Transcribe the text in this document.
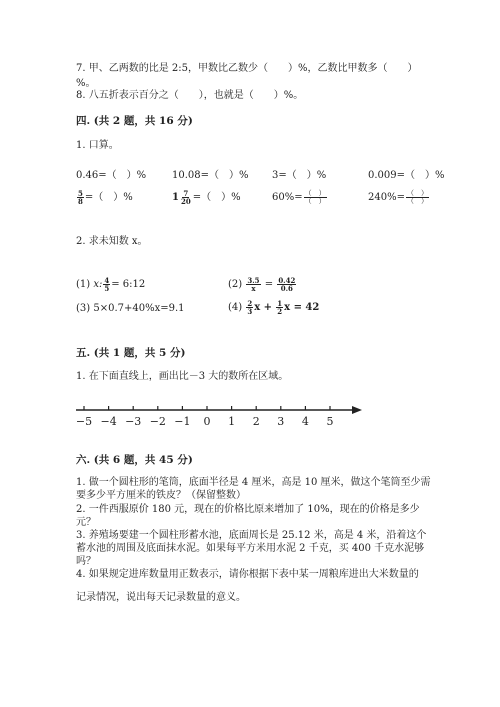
7. 甲、乙两数的比是 2:5，甲数比乙数少（　　）%，乙数比甲数多（　　）
%。
8. 八五折表示百分之（　　），也就是（　　）%。
四. (共 2 题，共 16 分)
1. 口算。
0.46=（　）%	10.08=（　）% 3=（　）%	0.009=（　）%
$\frac{5}{8}$ =（　）%	$1 \frac{7}{20}$ =（　）%	$60\%= \frac{( )}{( )}$	$240\%= \frac{( )}{( )}$
2. 求未知数 x。
(1) x: $\frac{4}{5}$ = 6:12	$(2) \frac{3.5}{x} = \frac{0.42}{0.6}$
(3) 5×0.7+40%x=9.1	$(4) \frac{2}{3}$ $x + \frac{1}{2}$ x = 42
五. (共 1 题，共 5 分)
1. 在下面直线上，画出比－3 大的数所在区域。
−5 −4 −3 −2 −1 0 1 2 3 4 5
六. (共 6 题，共 45 分)
1. 做一个圆柱形的笔筒，底面半径是 4 厘米，高是 10 厘米，做这个笔筒至少需
要多少平方厘米的铁皮？（保留整数）
2. 一件西服原价 180 元，现在的价格比原来增加了 10%，现在的价格是多少
元？
3. 养殖场要建一个圆柱形蓄水池，底面周长是 25.12 米，高是 4 米，沿着这个
蓄水池的周围及底面抹水泥。如果每平方米用水泥 2 千克，买 400 千克水泥够
吗？
4. 如果规定进库数量用正数表示，请你根据下表中某一周粮库进出大米数量的
记录情况，说出每天记录数量的意义。
